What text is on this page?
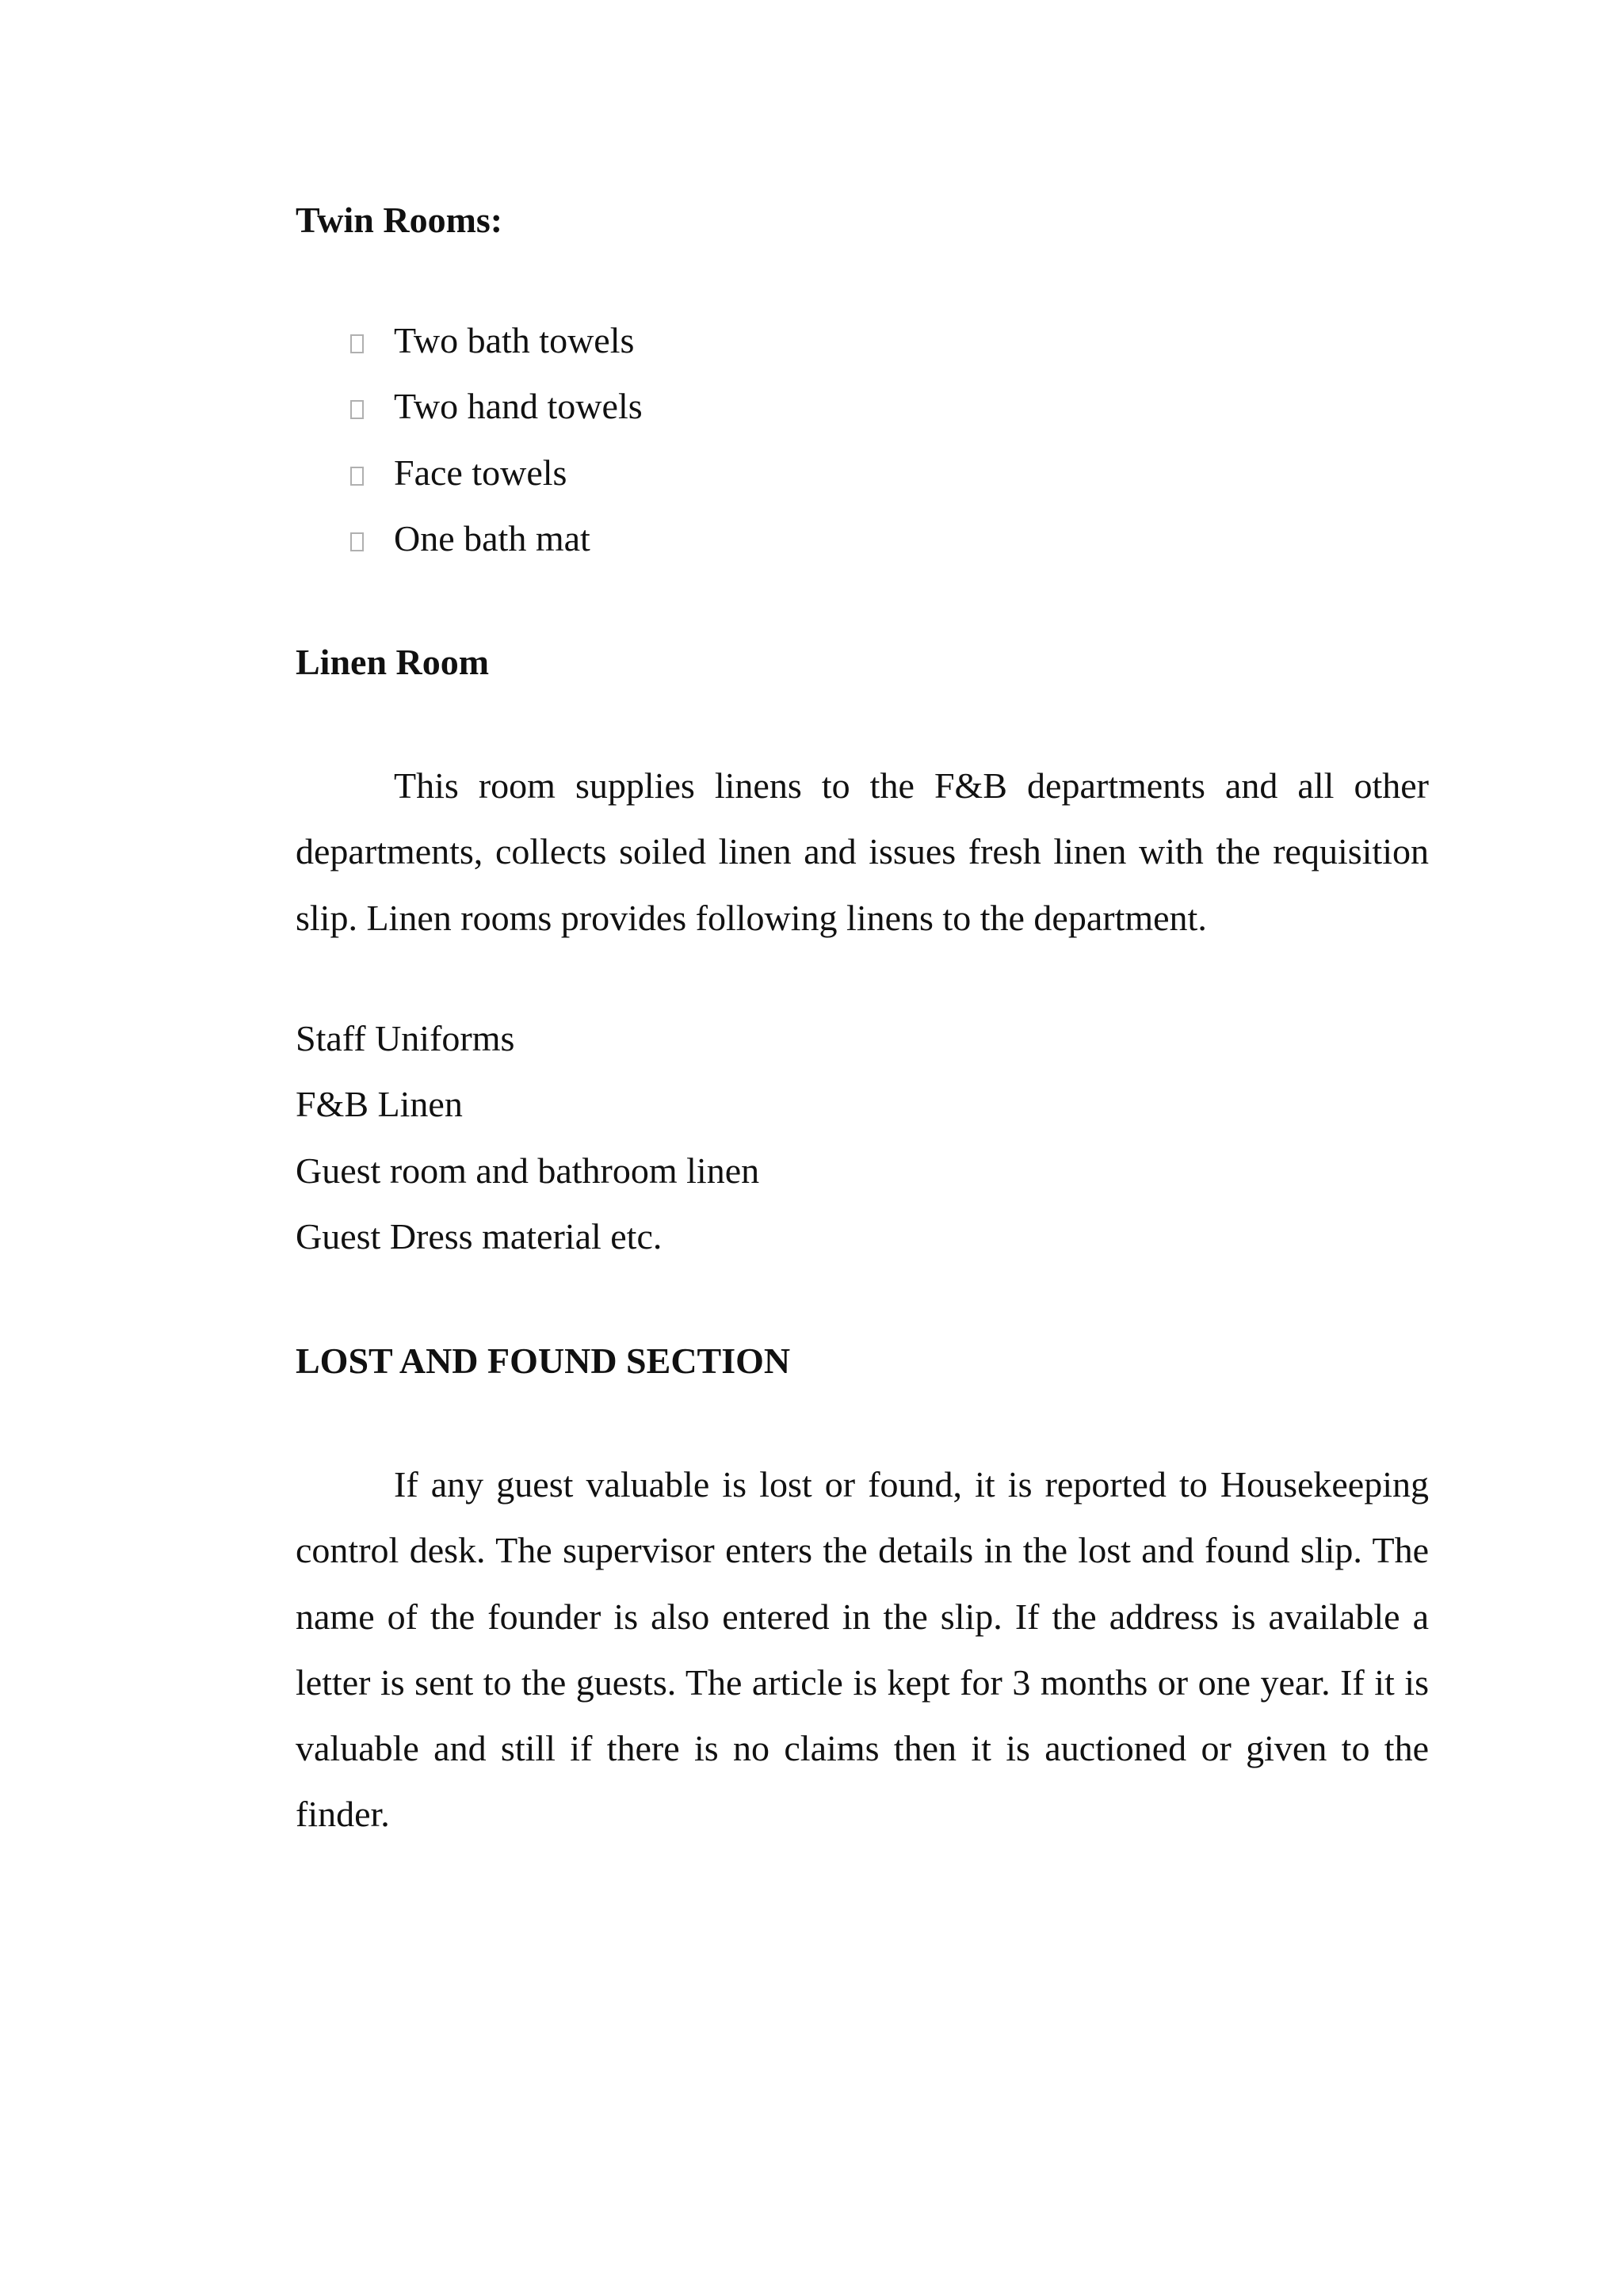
Twin Rooms:
Two bath towels
Two hand towels
Face towels
One bath mat
Linen Room

This room supplies linens to the F&B departments and all other departments, collects soiled linen and issues fresh linen with the requisition slip. Linen rooms provides following linens to the department.

Staff Uniforms
F&B Linen
Guest room and bathroom linen
Guest Dress material etc.
LOST AND FOUND SECTION

If any guest valuable is lost or found, it is reported to Housekeeping control desk. The supervisor enters the details in the lost and found slip. The name of the founder is also entered in the slip. If the address is available a letter is sent to the guests. The article is kept for 3 months or one year. If it is valuable and still if there is no claims then it is auctioned or given to the finder.
